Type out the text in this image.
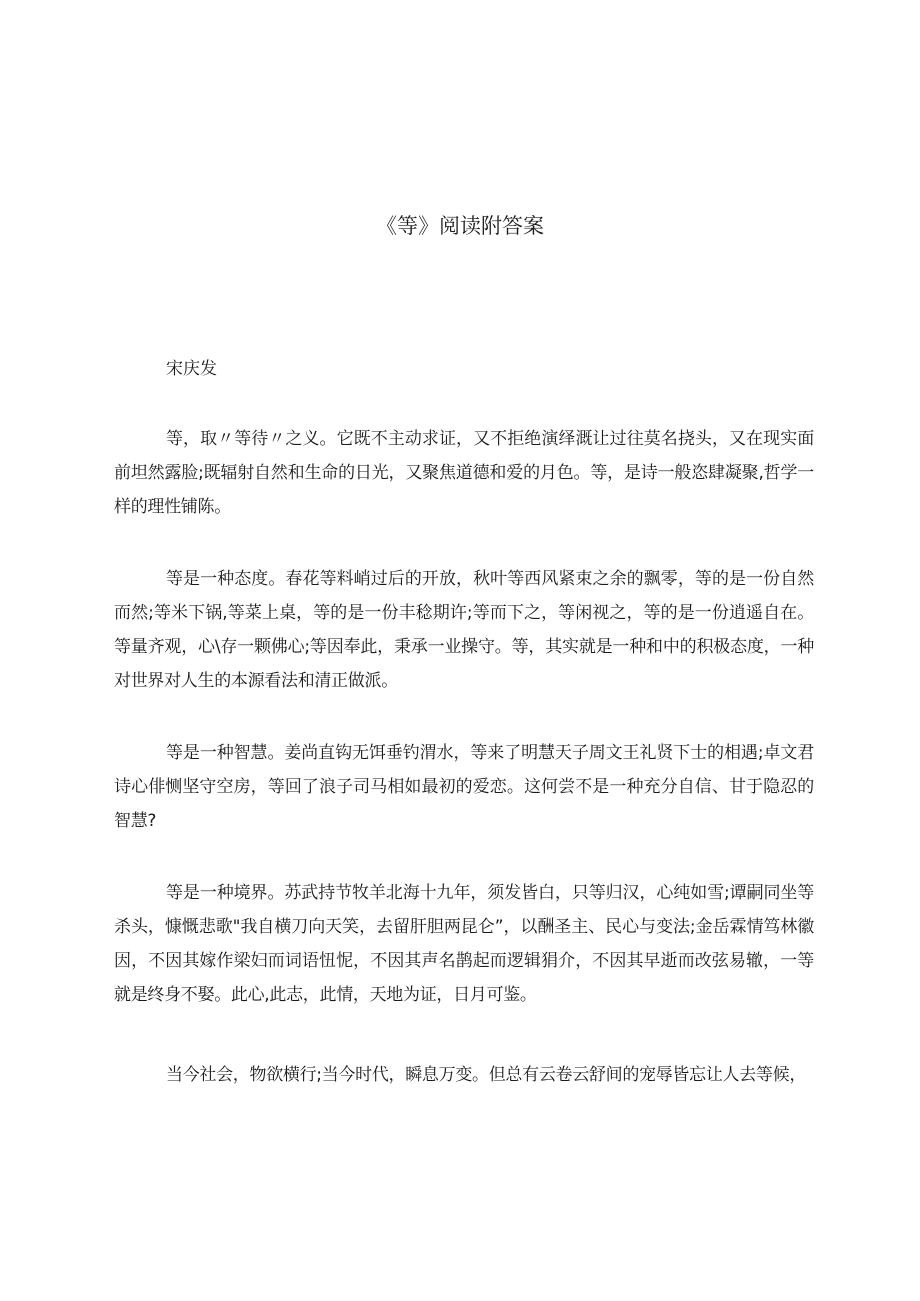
《等》阅读附答案

宋庆发

等，取〃等待〃之义。它既不主动求证，又不拒绝演绎溉让过往莫名挠头，又在现实面前坦然露脸;既辐射自然和生命的日光，又聚焦道德和爱的月色。等，是诗一般恣肆凝聚,哲学一样的理性铺陈。

等是一种态度。春花等料峭过后的开放，秋叶等西风紧束之余的飘零，等的是一份自然而然;等米下锅,等菜上桌，等的是一份丰稔期许;等而下之，等闲视之，等的是一份逍遥自在。等量齐观，心\存一颗佛心;等因奉此，秉承一业操守。等，其实就是一种和中的积极态度，一种对世界对人生的本源看法和清正做派。

等是一种智慧。姜尚直钩无饵垂钓渭水，等来了明慧天子周文王礼贤下士的相遇;卓文君诗心俳恻坚守空房，等回了浪子司马相如最初的爱恋。这何尝不是一种充分自信、甘于隐忍的智慧?

等是一种境界。苏武持节牧羊北海十九年，须发皆白，只等归汉，心纯如雪;谭嗣同坐等杀头，慷慨悲歌"我自横刀向天笑，去留肝胆两昆仑”，以酬圣主、民心与变法;金岳霖情笃林徽因，不因其嫁作梁妇而词语忸怩，不因其声名鹊起而逻辑狷介，不因其早逝而改弦易辙，一等就是终身不娶。此心,此志，此情，天地为证，日月可鉴。

当今社会，物欲横行;当今时代，瞬息万变。但总有云卷云舒间的宠辱皆忘让人去等候，
